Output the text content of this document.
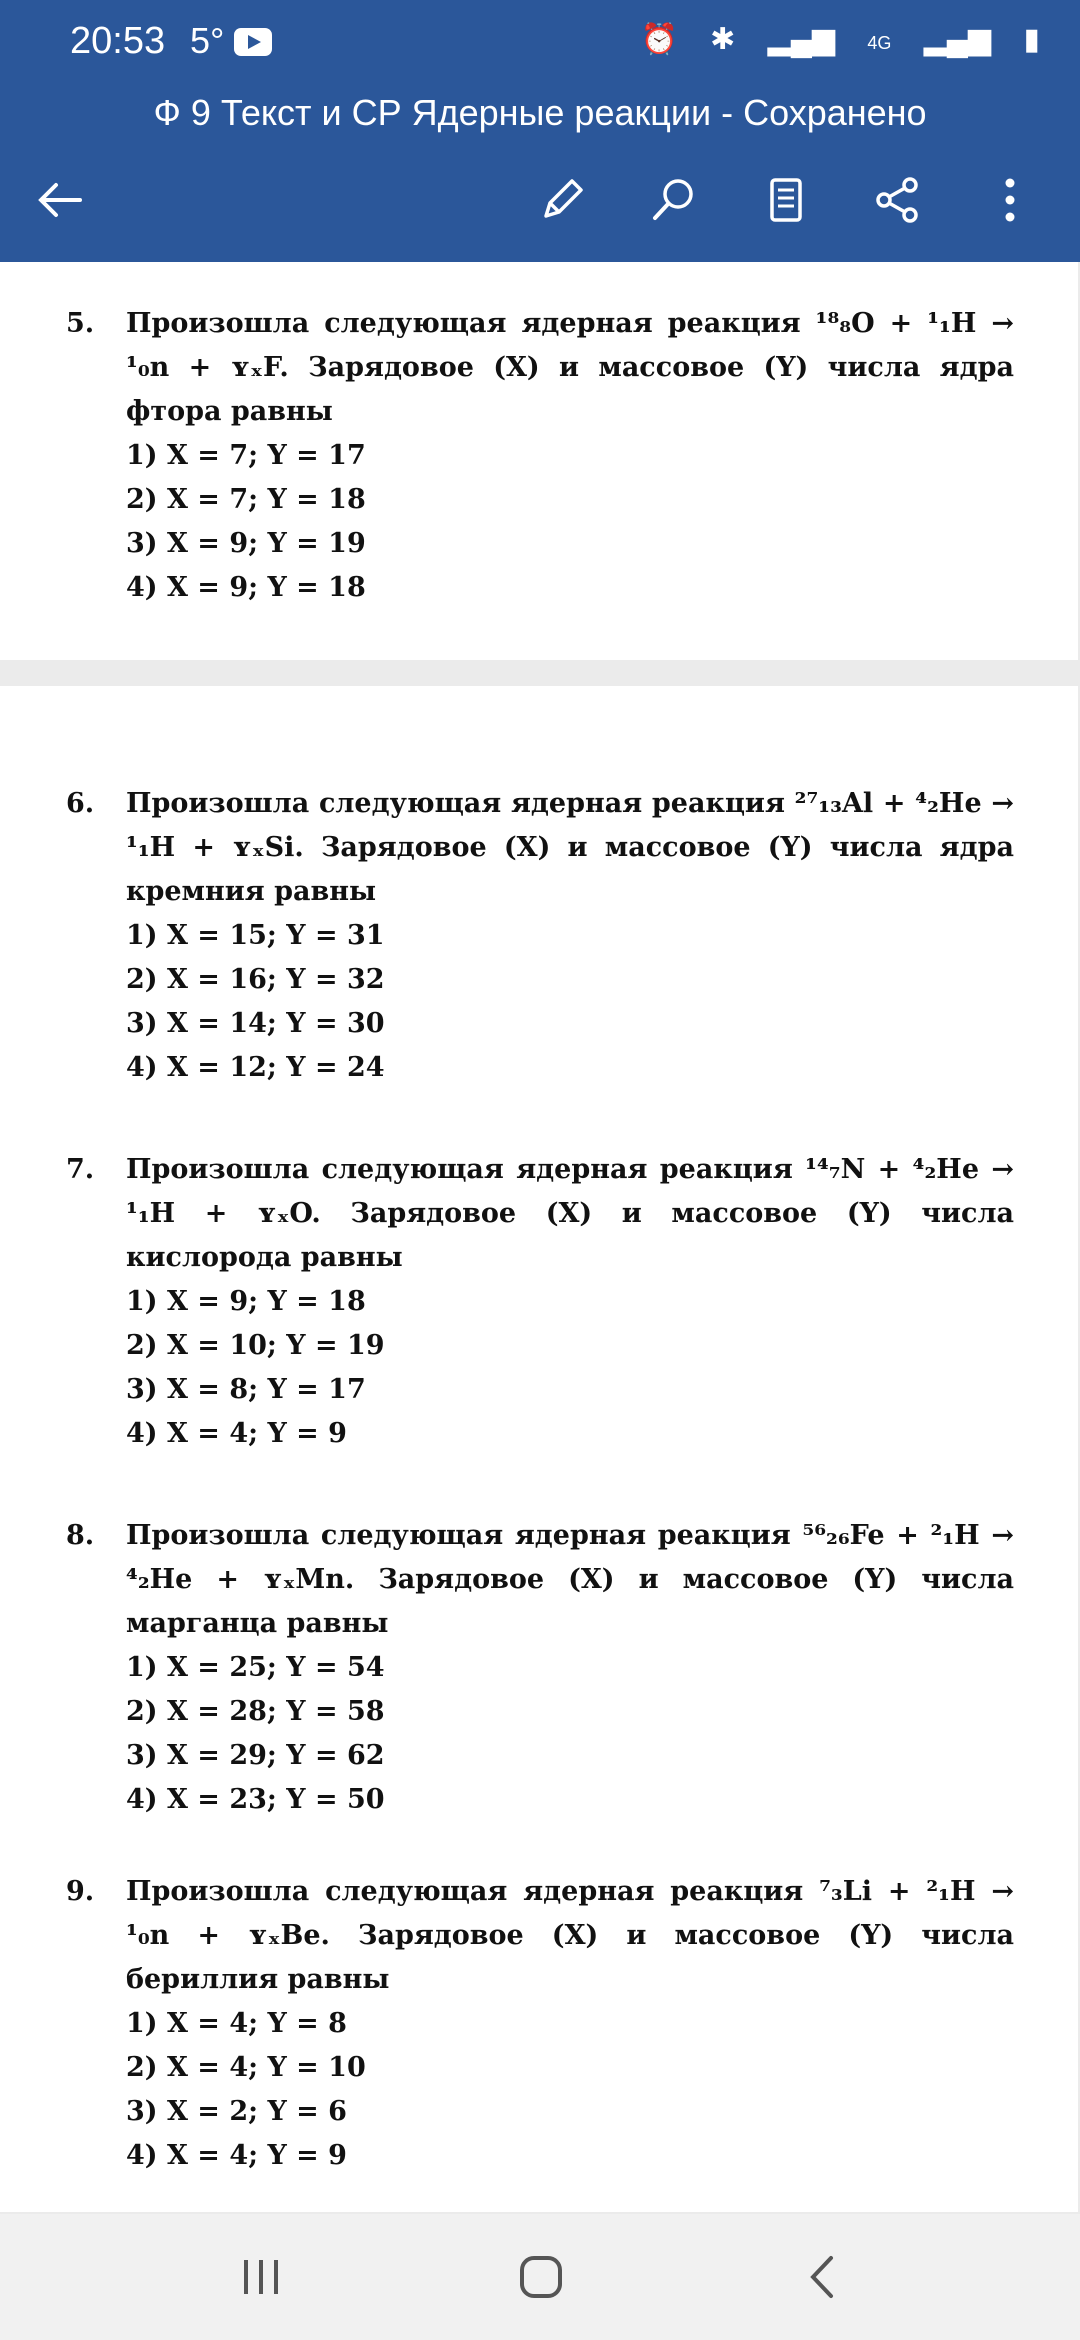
20:53 5°	⏰ ✱ ▂▄▆ 4G ▂▄▆ ▮
Ф 9 Текст и СР Ядерные реакции - Сохранено
5. Произошла следующая ядерная реакция ¹⁸₈O + ¹₁H → ¹₀n + ʏₓF. Зарядовое (X) и массовое (Y) числа ядра фтора равны
1) X = 7; Y = 17
2) X = 7; Y = 18
3) X = 9; Y = 19
4) X = 9; Y = 18
6. Произошла следующая ядерная реакция ²⁷₁₃Al + ⁴₂He → ¹₁H + ʏₓSi. Зарядовое (X) и массовое (Y) числа ядра кремния равны
1) X = 15; Y = 31
2) X = 16; Y = 32
3) X = 14; Y = 30
4) X = 12; Y = 24
7. Произошла следующая ядерная реакция ¹⁴₇N + ⁴₂He → ¹₁H + ʏₓO. Зарядовое (X) и массовое (Y) числа кислорода равны
1) X = 9; Y = 18
2) X = 10; Y = 19
3) X = 8; Y = 17
4) X = 4; Y = 9
8. Произошла следующая ядерная реакция ⁵⁶₂₆Fe + ²₁H → ⁴₂He + ʏₓMn. Зарядовое (X) и массовое (Y) числа марганца равны
1) X = 25; Y = 54
2) X = 28; Y = 58
3) X = 29; Y = 62
4) X = 23; Y = 50
9. Произошла следующая ядерная реакция ⁷₃Li + ²₁H → ¹₀n + ʏₓBe. Зарядовое (X) и массовое (Y) числа бериллия равны
1) X = 4; Y = 8
2) X = 4; Y = 10
3) X = 2; Y = 6
4) X = 4; Y = 9
